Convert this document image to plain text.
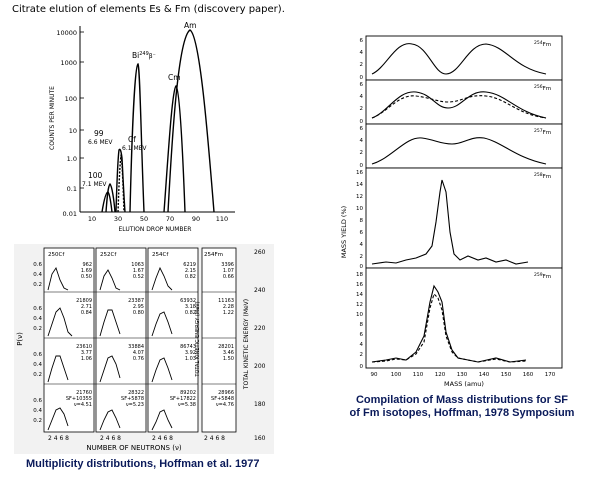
Citrate elution of elements Es & Fm (discovery paper).
10000
1000
100
10
1.0
0.1
0.01
10	30	50	70	90 110
ELUTION DROP NUMBER
COUNTS PER MINUTE
$Bi^{249}_{\beta^-}$
Am
Cm
Cf
6.1 MEV
99
6.6 MEV
100
7.1 MEV
250Cf	252Cf	254Cf	254Fm
962	1063	6219	3396
1.69	1.67	2.15	1.07
0.50	0.52	0.82	0.66
21809	23387	63932	11163
2.71	2.95	3.18	2.28
0.84	0.80	0.82	1.22
23610	33884	86743	28201
3.77	4.07	3.92	3.46
1.06	0.76	1.03	1.50
21760	28322	89202	28966
SF+10355	SF+5878	SF+17822	SF+5848
ν=4.51	ν=5.23	ν=5.38	ν=4.76
0.6
0.4
0.2
0.6
0.4
0.2
0.6
0.4
0.2
0.6
0.4
0.2
P(ν)
2 4 6 8	2 4 6 8	2 4 6 8	2 4 6 8
NUMBER OF NEUTRONS (ν)
TOTAL KINETIC ENERGY (MeV)	TOTAL KINETIC ENERGY (MeV)
260
240
220
200
180
160
Multiplicity distributions, Hoffman et al. 1977
$^{254}$Fm
$^{256}$Fm
$^{257}$Fm
$^{258}$Fm
$^{259}$Fm
6
4
2
0
6
4
2
0
6
4
2
0
16
14
12
10
8
6
4
2
0
18
16
14
12
10
8
6
4
2
0
MASS YIELD (%)
90 100 110 120 130 140 150 160 170
MASS (amu)
Compilation of Mass distributions for SF
of Fm isotopes, Hoffman, 1978 Symposium
